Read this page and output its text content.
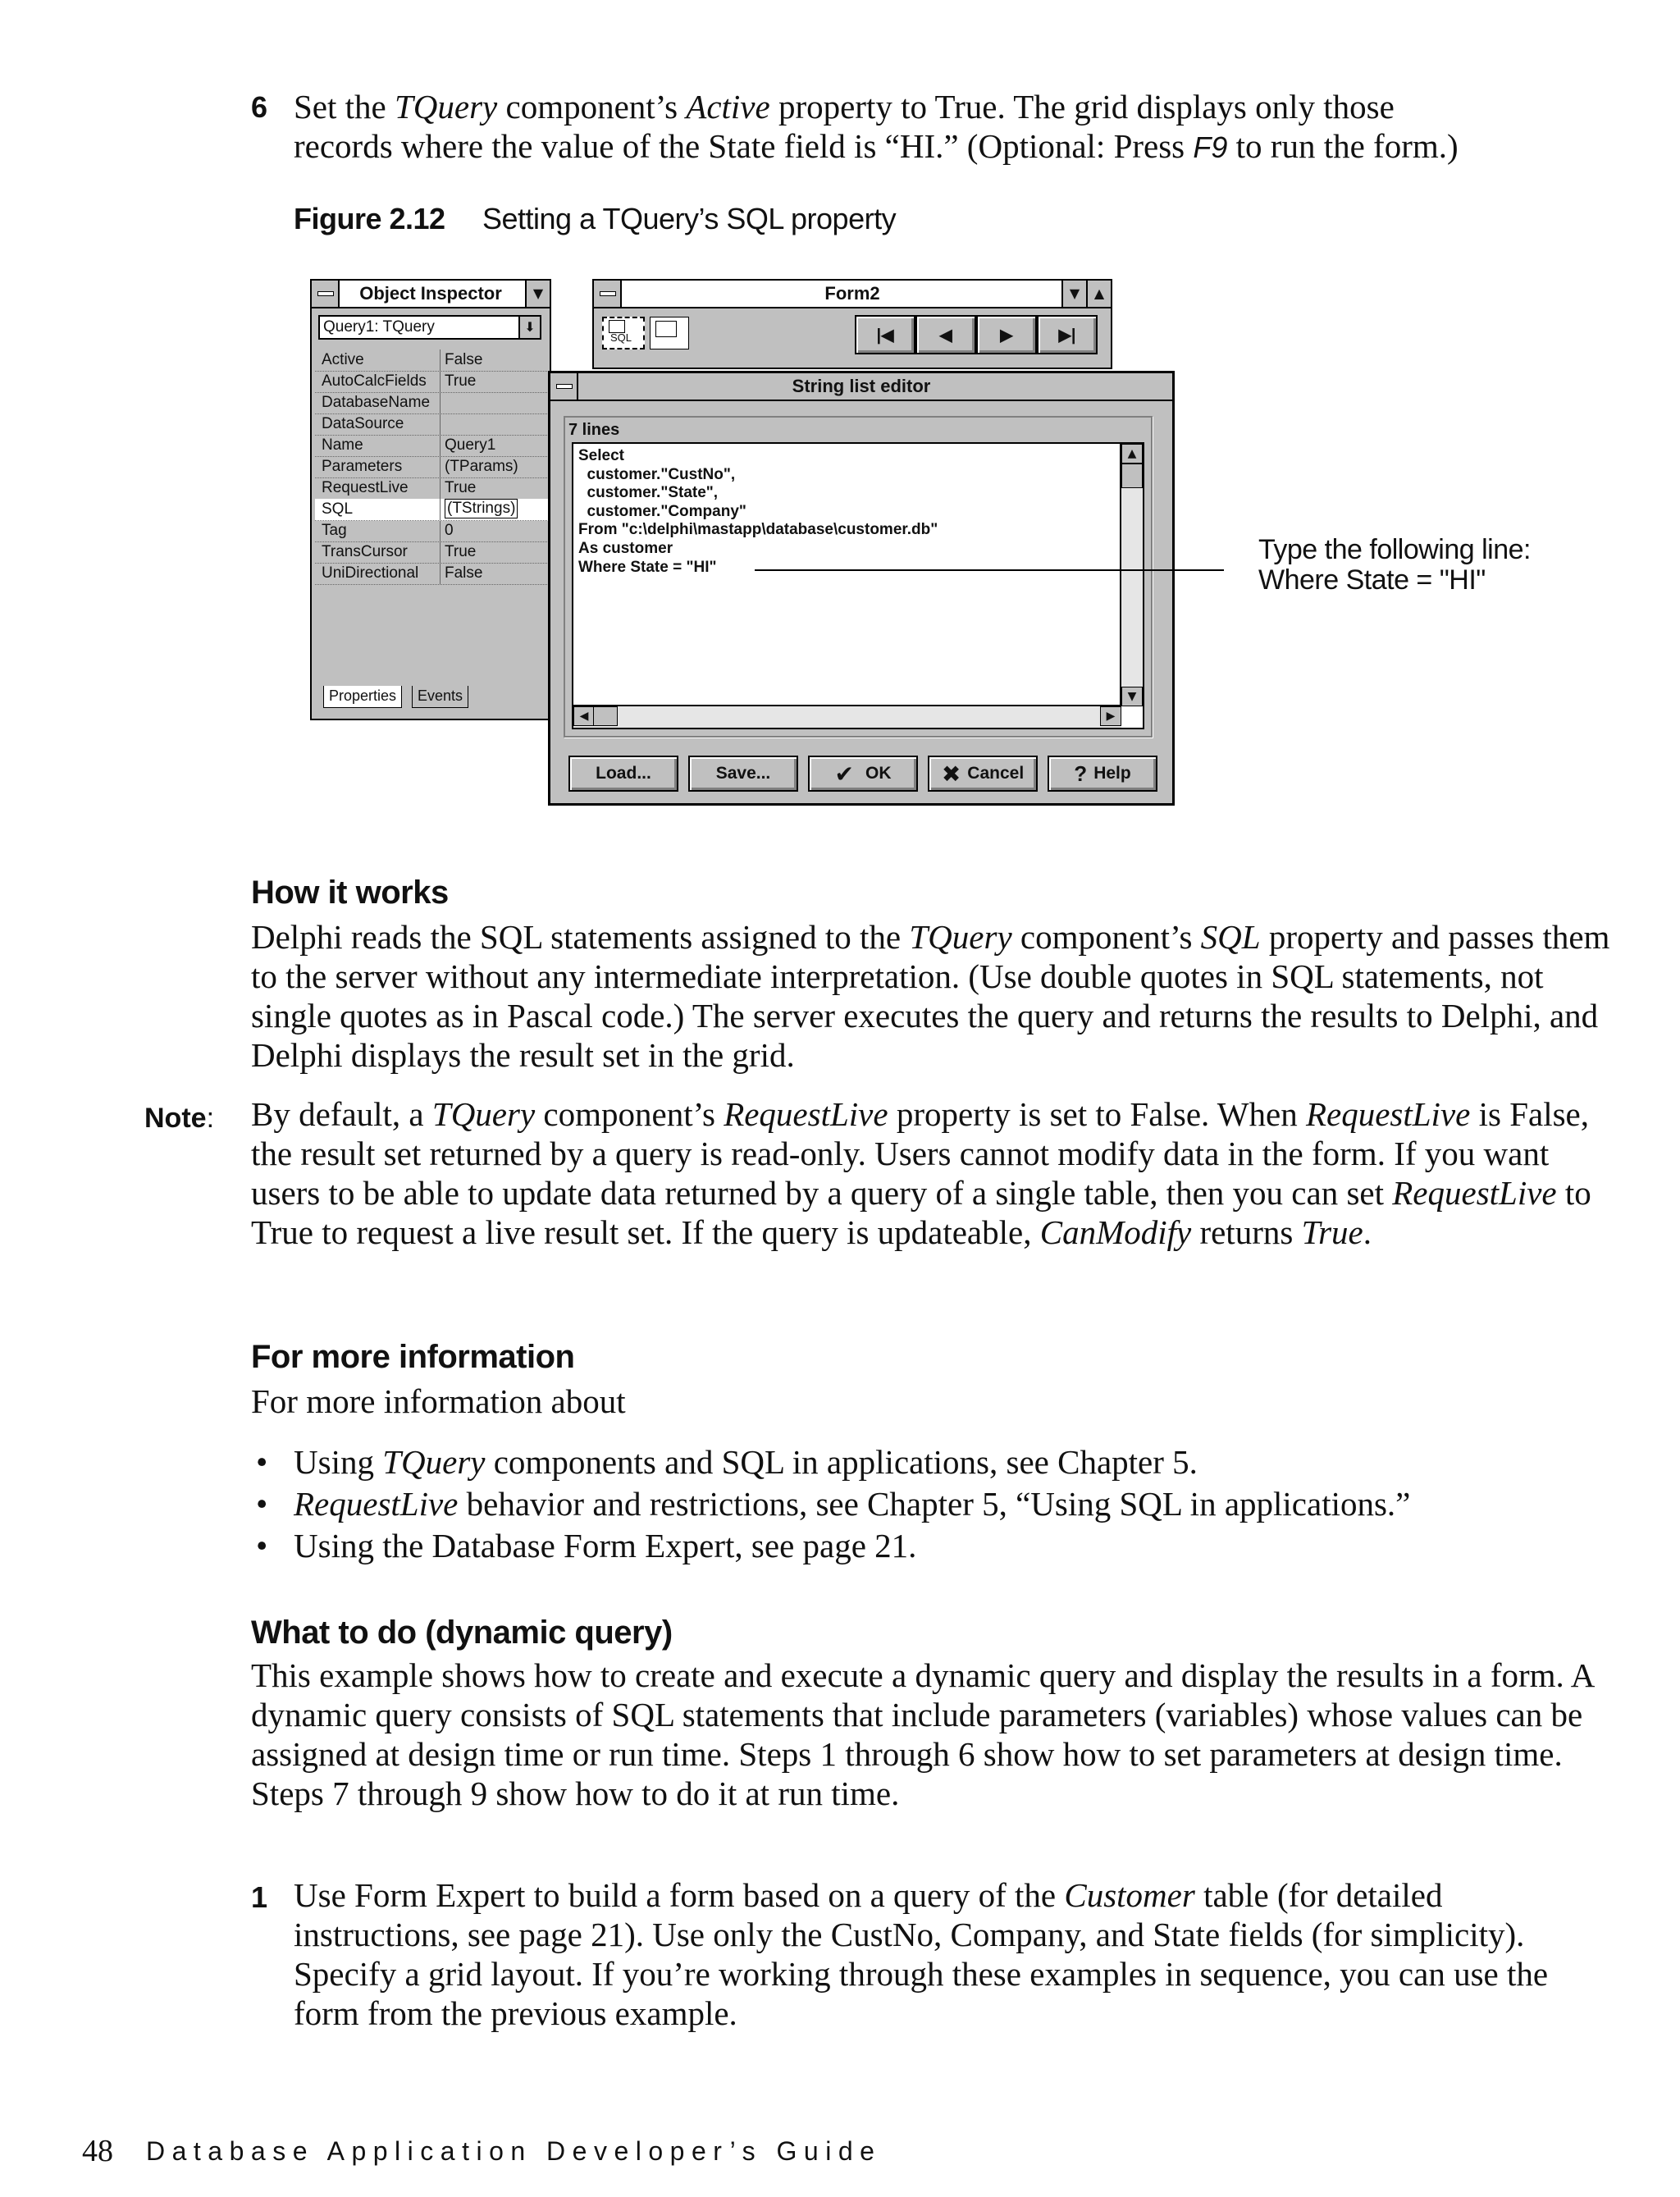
6 Set the TQuery component’s Active property to True. The grid displays only those
records where the value of the State field is “HI.” (Optional: Press F9 to run the form.)
Figure 2.12 Setting a TQuery’s SQL property
Object Inspector	▼
Query1: TQuery	⬇
Active	False
AutoCalcFields True
DatabaseName
DataSource
Name	Query1
Parameters	(TParams)
RequestLive True
SQL	(TStrings)
Tag	0
TransCursor True
UniDirectional False
Properties	Events
Form2	▼	▲
SQL	|◀	◀	▶	▶|
String list editor
7 lines
Select
customer."CustNo",
customer."State",
customer."Company"
From "c:\delphi\mastapp\database\customer.db"
As customer
Where State = "HI"
▲
▼
◀	▶
Load...	Save...	✔ OK ✖ Cancel ? Help
Type the following line:
Where State = "HI"
How it works
Delphi reads the SQL statements assigned to the TQuery component’s SQL property and passes them to the server without any intermediate interpretation. (Use double quotes in SQL statements, not single quotes as in Pascal code.) The server executes the query and returns the results to Delphi, and Delphi displays the result set in the grid.
Note: By default, a TQuery component’s RequestLive property is set to False. When RequestLive is False, the result set returned by a query is read-only. Users cannot modify data in the form. If you want users to be able to update data returned by a query of a single table, then you can set RequestLive to True to request a live result set. If the query is updateable, CanModify returns True.
For more information
For more information about
• Using TQuery components and SQL in applications, see Chapter 5.
• RequestLive behavior and restrictions, see Chapter 5, “Using SQL in applications.”
• Using the Database Form Expert, see page 21.
What to do (dynamic query)
This example shows how to create and execute a dynamic query and display the results in a form. A dynamic query consists of SQL statements that include parameters (variables) whose values can be assigned at design time or run time. Steps 1 through 6 show how to set parameters at design time. Steps 7 through 9 show how to do it at run time.
1 Use Form Expert to build a form based on a query of the Customer table (for detailed instructions, see page 21). Use only the CustNo, Company, and State fields (for simplicity). Specify a grid layout. If you’re working through these examples in sequence, you can use the form from the previous example.
48 Database Application Developer’s Guide
